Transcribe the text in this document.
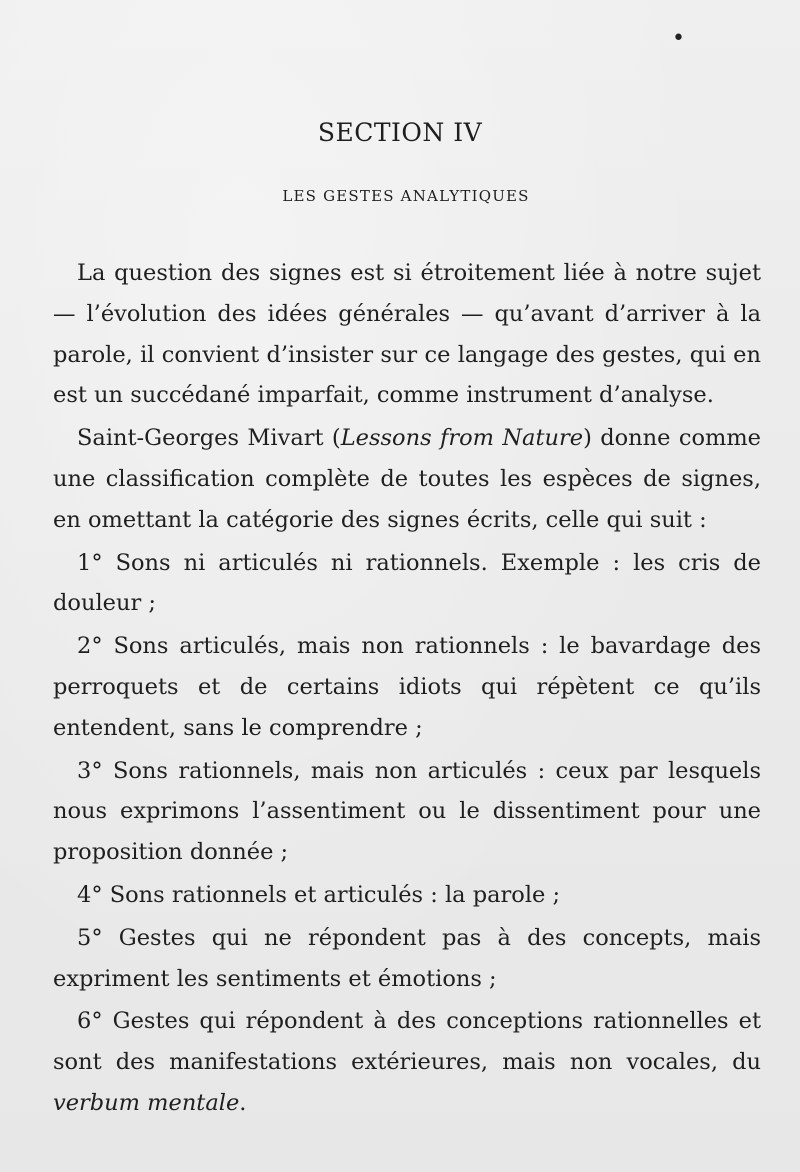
•
SECTION IV
LES GESTES ANALYTIQUES

La question des signes est si étroitement liée à notre sujet — l’évolution des idées générales — qu’avant d’arriver à la parole, il convient d’insister sur ce langage des gestes, qui en est un succédané imparfait, comme instrument d’analyse.

Saint-Georges Mivart (Lessons from Nature) donne comme une classification complète de toutes les espèces de signes, en omettant la catégorie des signes écrits, celle qui suit :

1° Sons ni articulés ni rationnels. Exemple : les cris de douleur ;

2° Sons articulés, mais non rationnels : le bavardage des perroquets et de certains idiots qui répètent ce qu’ils entendent, sans le comprendre ;

3° Sons rationnels, mais non articulés : ceux par lesquels nous exprimons l’assentiment ou le dissentiment pour une proposition donnée ;

4° Sons rationnels et articulés : la parole ;

5° Gestes qui ne répondent pas à des concepts, mais expriment les sentiments et émotions ;

6° Gestes qui répondent à des conceptions rationnelles et sont des manifestations extérieures, mais non vocales, du verbum mentale.
